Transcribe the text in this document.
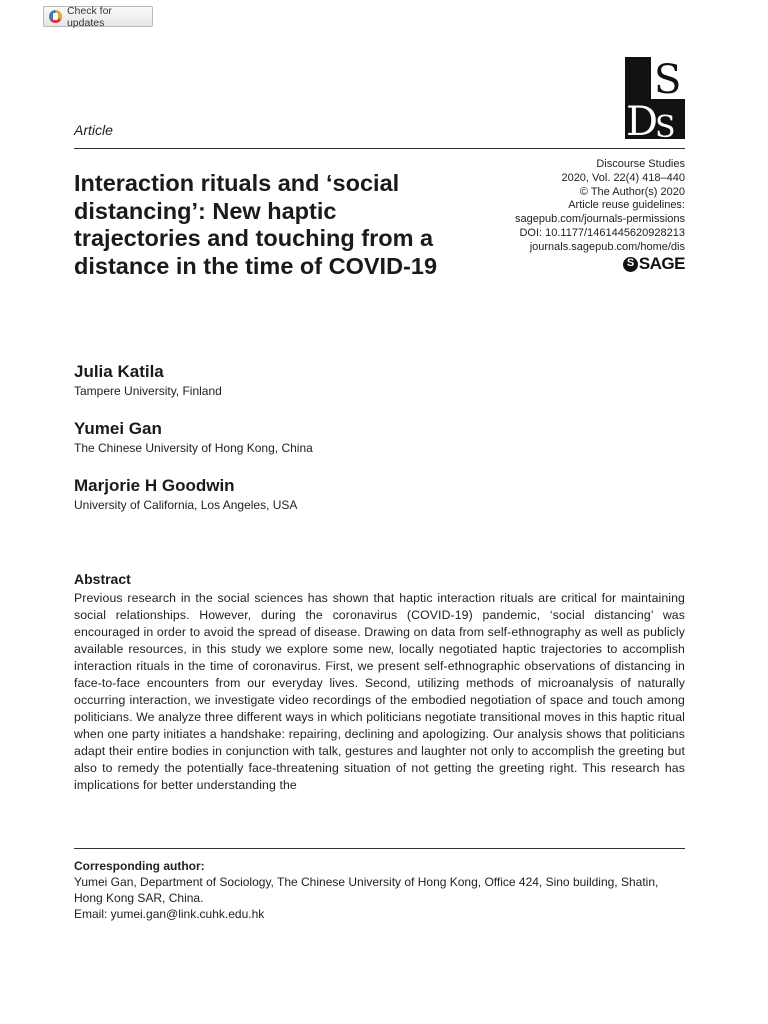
Check for updates
S
D
S
Article
Interaction rituals and ‘social distancing’: New haptic trajectories and touching from a distance in the time of COVID-19
Discourse Studies
2020, Vol. 22(4) 418–440
© The Author(s) 2020
Article reuse guidelines:
sagepub.com/journals-permissions
DOI: 10.1177/1461445620928213
journals.sagepub.com/home/dis
S SAGE
Julia Katila
Tampere University, Finland
Yumei Gan
The Chinese University of Hong Kong, China
Marjorie H Goodwin
University of California, Los Angeles, USA
Abstract

Previous research in the social sciences has shown that haptic interaction rituals are critical for maintaining social relationships. However, during the coronavirus (COVID-19) pandemic, ‘social distancing’ was encouraged in order to avoid the spread of disease. Drawing on data from self-ethnography as well as publicly available resources, in this study we explore some new, locally negotiated haptic trajectories to accomplish interaction rituals in the time of coronavirus. First, we present self-ethnographic observations of distancing in face-to-face encounters from our everyday lives. Second, utilizing methods of microanalysis of naturally occurring interaction, we investigate video recordings of the embodied negotiation of space and touch among politicians. We analyze three different ways in which politicians negotiate transitional moves in this haptic ritual when one party initiates a handshake: repairing, declining and apologizing. Our analysis shows that politicians adapt their entire bodies in conjunction with talk, gestures and laughter not only to accomplish the greeting but also to remedy the potentially face-threatening situation of not getting the greeting right. This research has implications for better understanding the

Corresponding author:
Yumei Gan, Department of Sociology, The Chinese University of Hong Kong, Office 424, Sino building, Shatin, Hong Kong SAR, China.
Email: yumei.gan@link.cuhk.edu.hk
